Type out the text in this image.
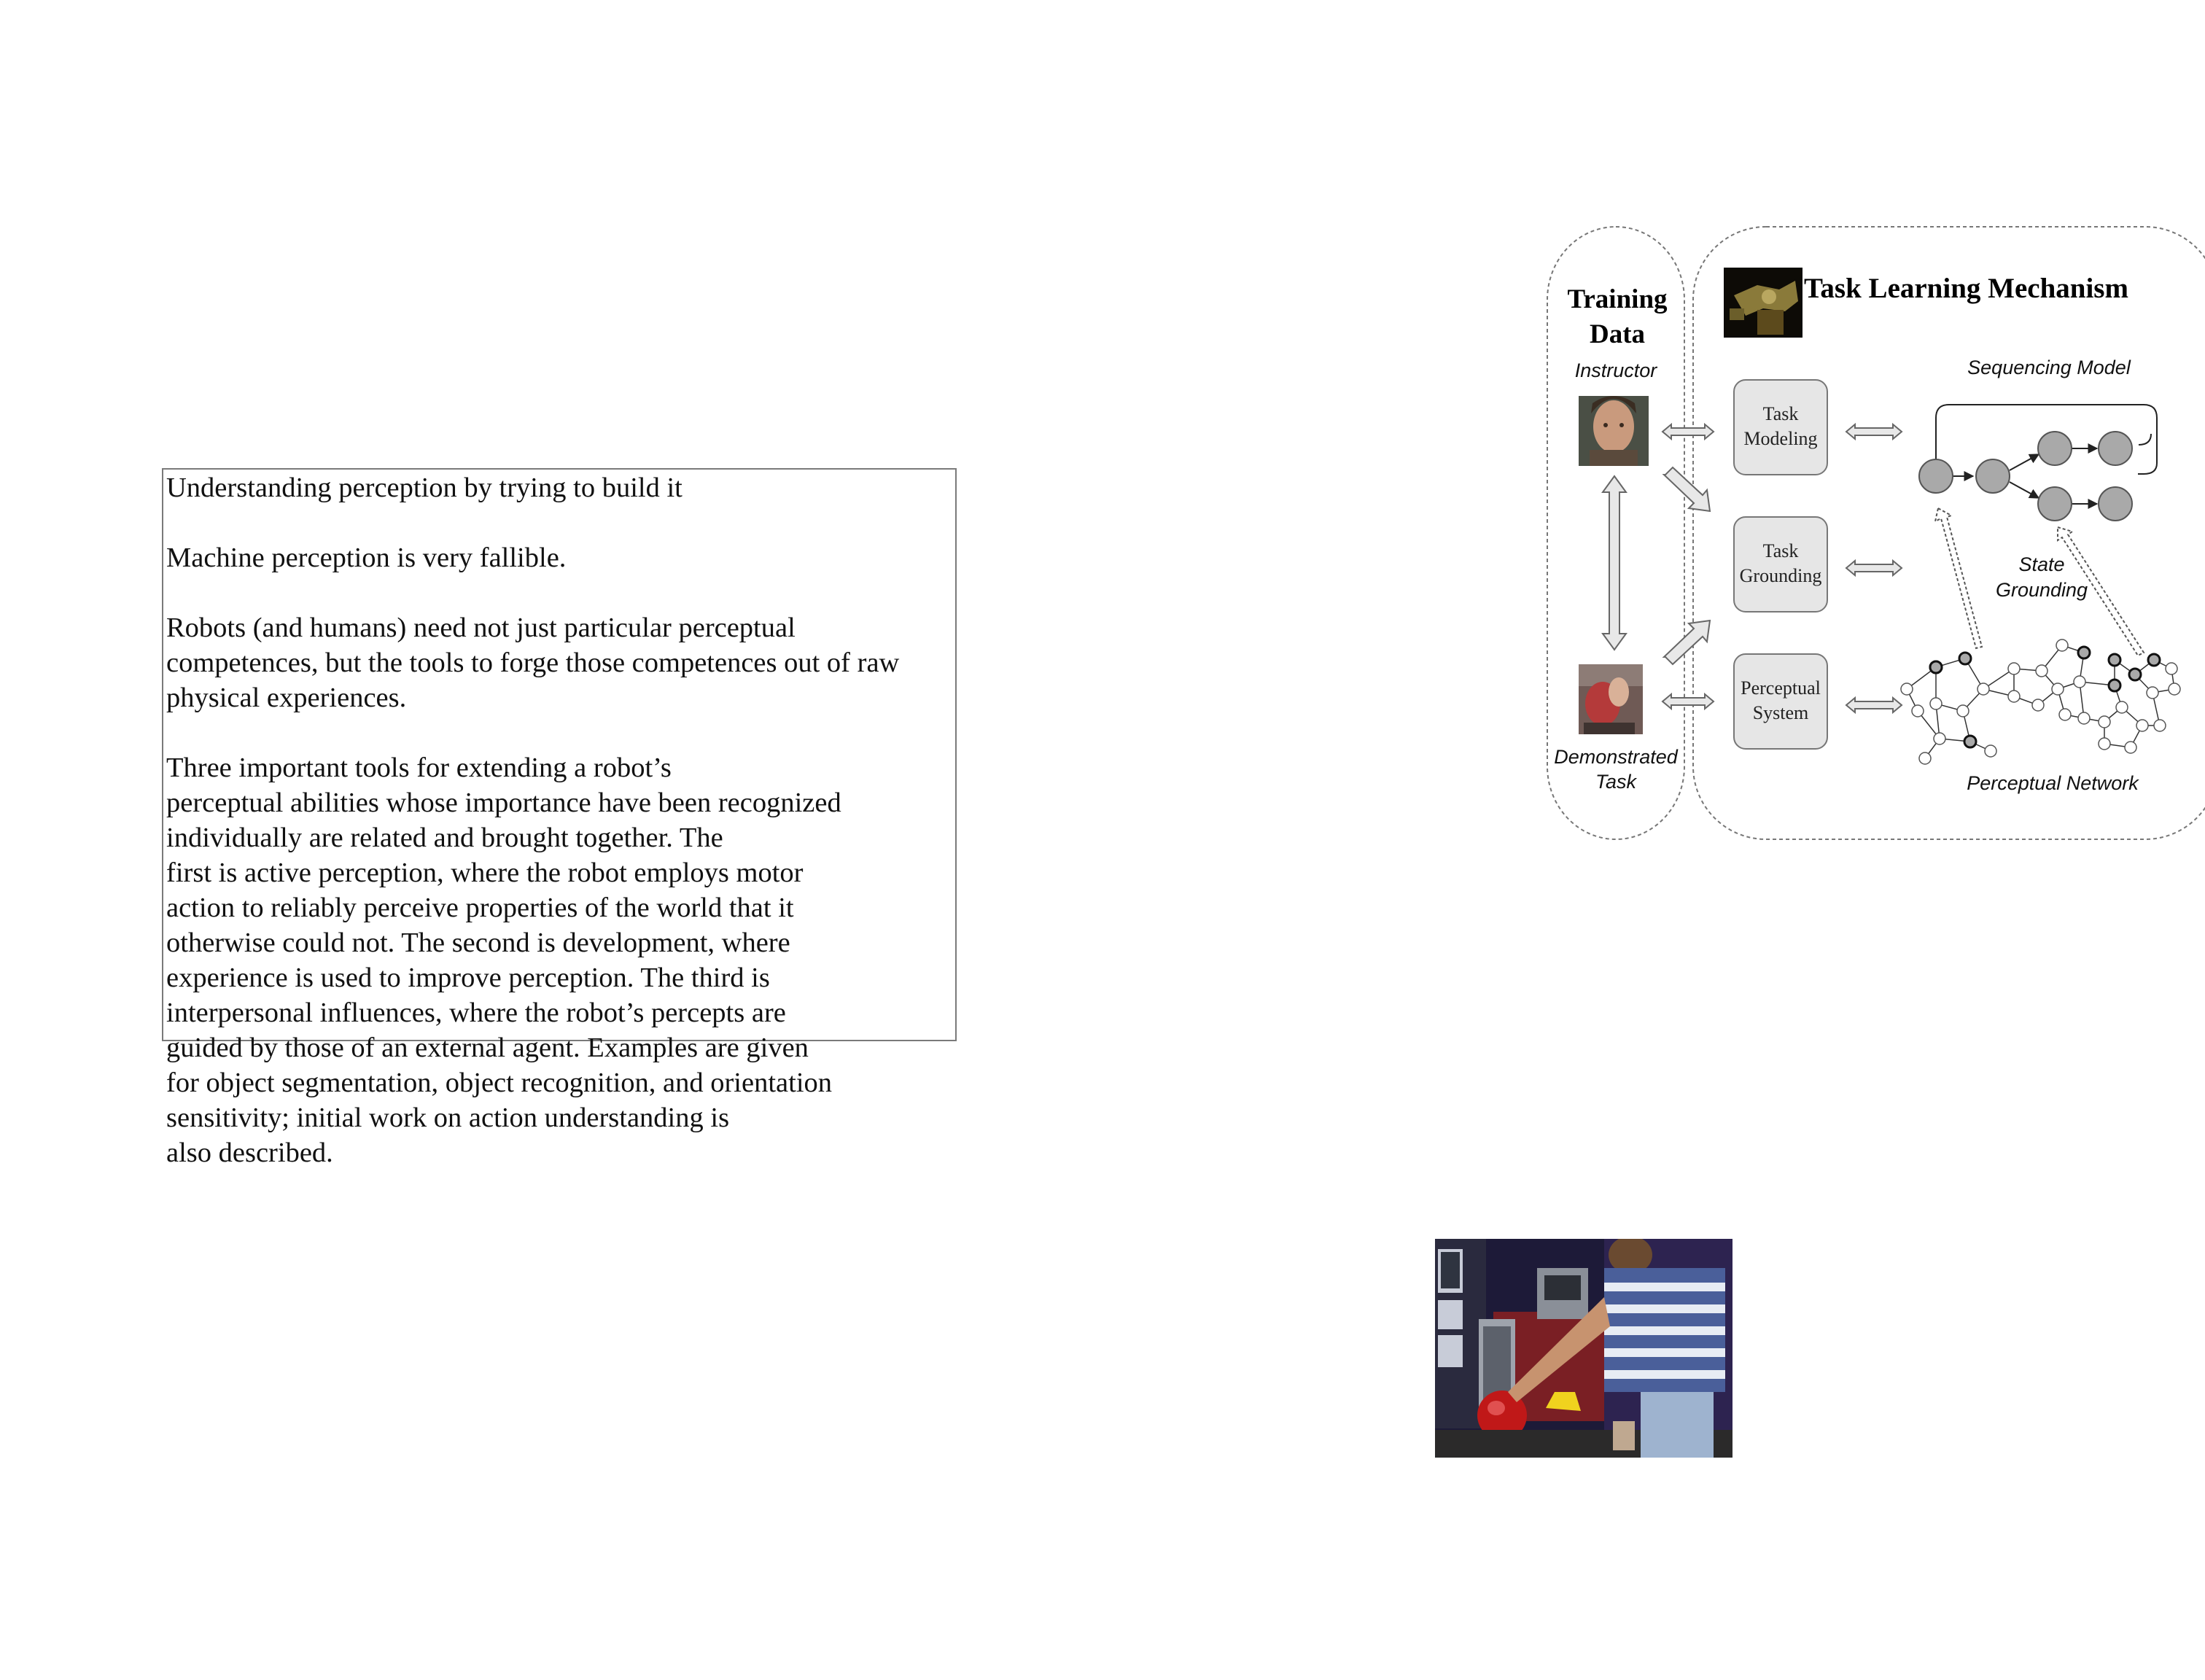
Understanding perception by trying to build it

Machine perception is very fallible.

Robots (and humans) need not just particular perceptual
competences, but the tools to forge those competences out of raw
physical experiences.

Three important tools for extending a robot’s
perceptual abilities whose importance have been recognized
individually are related and brought together. The
first is active perception, where the robot employs motor
action to reliably perceive properties of the world that it
otherwise could not. The second is development, where
experience is used to improve perception. The third is
interpersonal influences, where the robot’s percepts are
guided by those of an external agent. Examples are given
for object segmentation, object recognition, and orientation
sensitivity; initial work on action understanding is
also described.

Training
Data
Instructor
Demonstrated
Task
Task Learning Mechanism
Task
Modeling
Task
Grounding
Perceptual
System
Sequencing Model
State
Grounding
Perceptual Network
